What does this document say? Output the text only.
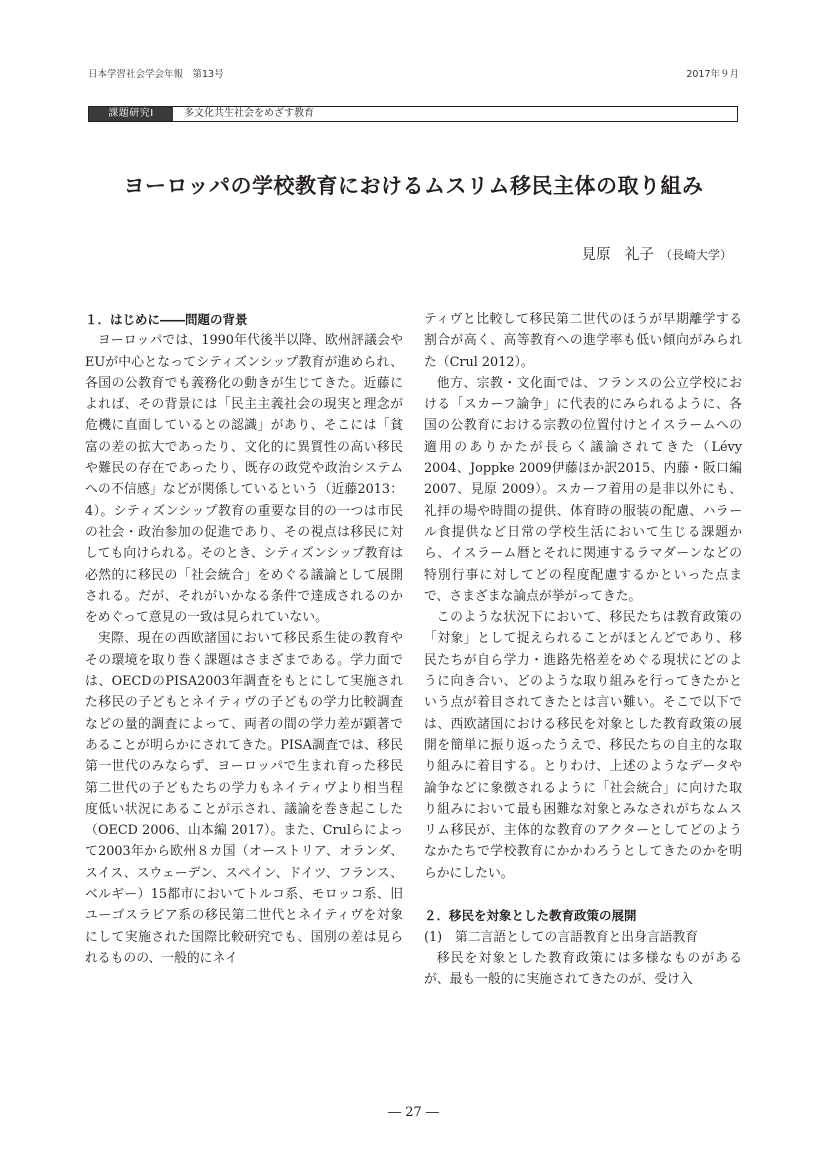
日本学習社会学会年報　第13号	2017年９月
課題研究Ⅰ	多文化共生社会をめざす教育
ヨーロッパの学校教育におけるムスリム移民主体の取り組み
見原　礼子 （長崎大学）

１．はじめに――問題の背景

ヨーロッパでは、1990年代後半以降、欧州評議会やEUが中心となってシティズンシップ教育が進められ、各国の公教育でも義務化の動きが生じてきた。近藤によれば、その背景には「民主主義社会の現実と理念が危機に直面しているとの認識」があり、そこには「貧富の差の拡大であったり、文化的に異質性の高い移民や難民の存在であったり、既存の政党や政治システムへの不信感」などが関係しているという（近藤2013：4）。シティズンシップ教育の重要な目的の一つは市民の社会・政治参加の促進であり、その視点は移民に対しても向けられる。そのとき、シティズンシップ教育は必然的に移民の「社会統合」をめぐる議論として展開される。だが、それがいかなる条件で達成されるのかをめぐって意見の一致は見られていない。

実際、現在の西欧諸国において移民系生徒の教育やその環境を取り巻く課題はさまざまである。学力面では、OECDのPISA2003年調査をもとにして実施された移民の子どもとネイティヴの子どもの学力比較調査などの量的調査によって、両者の間の学力差が顕著であることが明らかにされてきた。PISA調査では、移民第一世代のみならず、ヨーロッパで生まれ育った移民第二世代の子どもたちの学力もネイティヴより相当程度低い状況にあることが示され、議論を巻き起こした（OECD 2006、山本編 2017）。また、Crulらによって2003年から欧州８カ国（オーストリア、オランダ、スイス、スウェーデン、スペイン、ドイツ、フランス、ベルギー）15都市においてトルコ系、モロッコ系、旧ユーゴスラビア系の移民第二世代とネイティヴを対象にして実施された国際比較研究でも、国別の差は見られるものの、一般的にネイ

ティヴと比較して移民第二世代のほうが早期離学する割合が高く、高等教育への進学率も低い傾向がみられた（Crul 2012）。

他方、宗教・文化面では、フランスの公立学校における「スカーフ論争」に代表的にみられるように、各国の公教育における宗教の位置付けとイスラームへの適用のありかたが長らく議論されてきた（Lévy 2004、Joppke 2009伊藤ほか訳2015、内藤・阪口編 2007、見原 2009）。スカーフ着用の是非以外にも、礼拝の場や時間の提供、体育時の服装の配慮、ハラール食提供など日常の学校生活において生じる課題から、イスラーム暦とそれに関連するラマダーンなどの特別行事に対してどの程度配慮するかといった点まで、さまざまな論点が挙がってきた。

このような状況下において、移民たちは教育政策の「対象」として捉えられることがほとんどであり、移民たちが自ら学力・進路先格差をめぐる現状にどのように向き合い、どのような取り組みを行ってきたかという点が着目されてきたとは言い難い。そこで以下では、西欧諸国における移民を対象とした教育政策の展開を簡単に振り返ったうえで、移民たちの自主的な取り組みに着目する。とりわけ、上述のようなデータや論争などに象徴されるように「社会統合」に向けた取り組みにおいて最も困難な対象とみなされがちなムスリム移民が、主体的な教育のアクターとしてどのようなかたちで学校教育にかかわろうとしてきたのかを明らかにしたい。

２．移民を対象とした教育政策の展開

(1)　第二言語としての言語教育と出身言語教育

移民を対象とした教育政策には多様なものがあるが、最も一般的に実施されてきたのが、受け入

― 27 ―
